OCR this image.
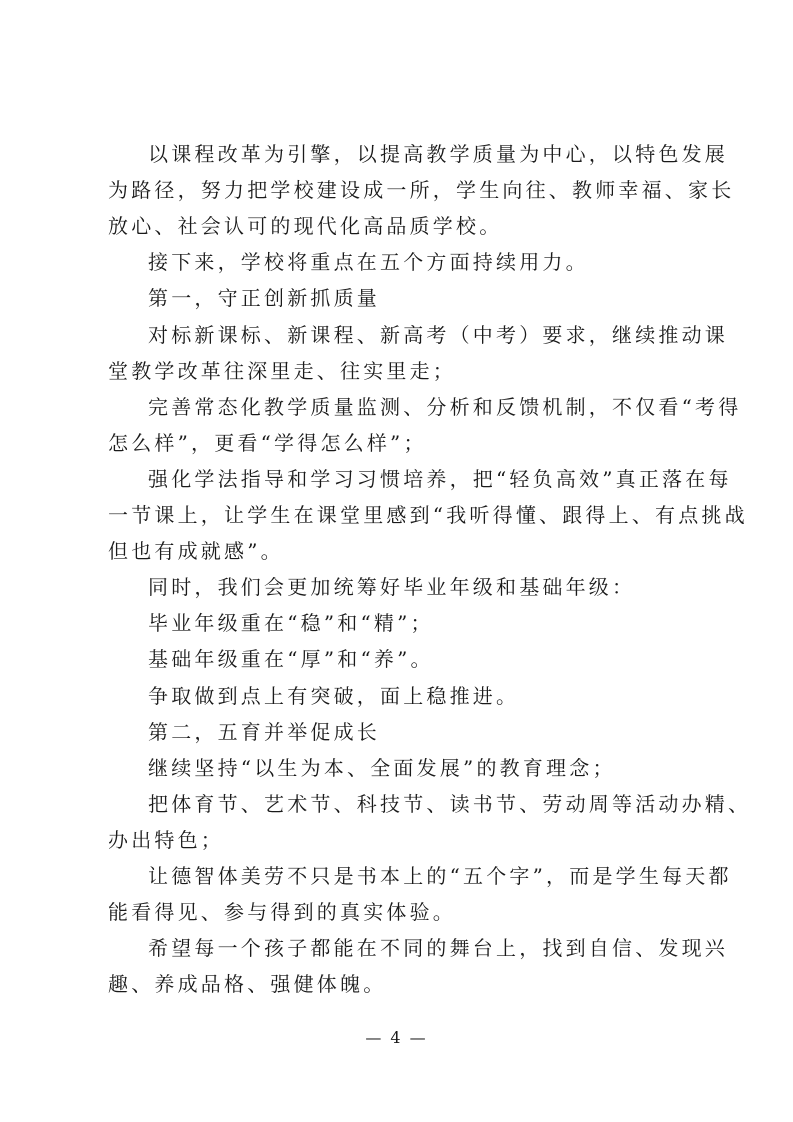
以课程改革为引擎，以提高教学质量为中心，以特色发展
为路径，努力把学校建设成一所，学生向往、教师幸福、家长
放心、社会认可的现代化高品质学校。
接下来，学校将重点在五个方面持续用力。
第一，守正创新抓质量
对标新课标、新课程、新高考（中考）要求，继续推动课
堂教学改革往深里走、往实里走；
完善常态化教学质量监测、分析和反馈机制，不仅看“考得
怎么样”，更看“学得怎么样”；
强化学法指导和学习习惯培养，把“轻负高效”真正落在每
一节课上，让学生在课堂里感到“我听得懂、跟得上、有点挑战
但也有成就感”。
同时，我们会更加统筹好毕业年级和基础年级：
毕业年级重在“稳”和“精”；
基础年级重在“厚”和“养”。
争取做到点上有突破，面上稳推进。
第二，五育并举促成长
继续坚持“以生为本、全面发展”的教育理念；
把体育节、艺术节、科技节、读书节、劳动周等活动办精、
办出特色；
让德智体美劳不只是书本上的“五个字”，而是学生每天都
— 4 —
能看得见、参与得到的真实体验。
希望每一个孩子都能在不同的舞台上，找到自信、发现兴
趣、养成品格、强健体魄。
